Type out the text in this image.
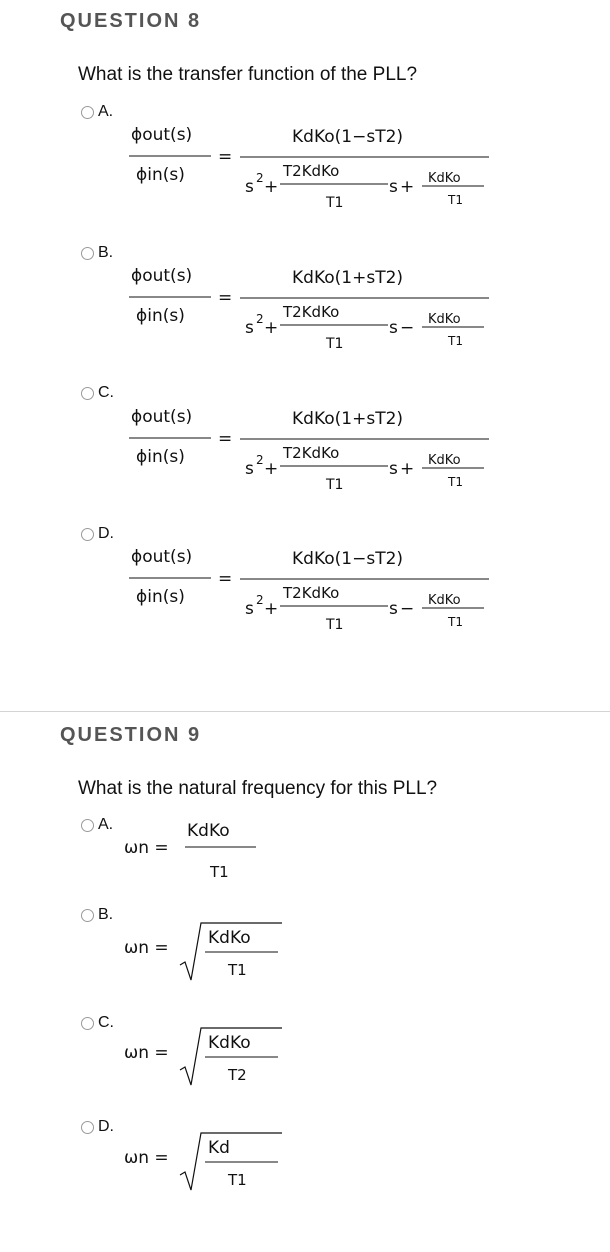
QUESTION 8
What is the transfer function of the PLL?
A.
B.
C.
D.
ϕout(s)
ϕin(s)
=
KdKo(1−sT2)
s 2 +
T2KdKo
T1
s + KdKo
T1
ϕout(s)
ϕin(s)
=
KdKo(1+sT2)
s 2 +
T2KdKo
T1
s − KdKo
T1
ϕout(s)
ϕin(s)
=
KdKo(1+sT2)
s 2 +
T2KdKo
T1
s + KdKo
T1
ϕout(s)
ϕin(s)
=
KdKo(1−sT2)
s 2 +
T2KdKo
T1
s − KdKo
T1
QUESTION 9
What is the natural frequency for this PLL?
A.
B.
C.
D.
ωn =
KdKo
T1
ωn = KdKo
T1
ωn = KdKo
T2
ωn = Kd
T1
